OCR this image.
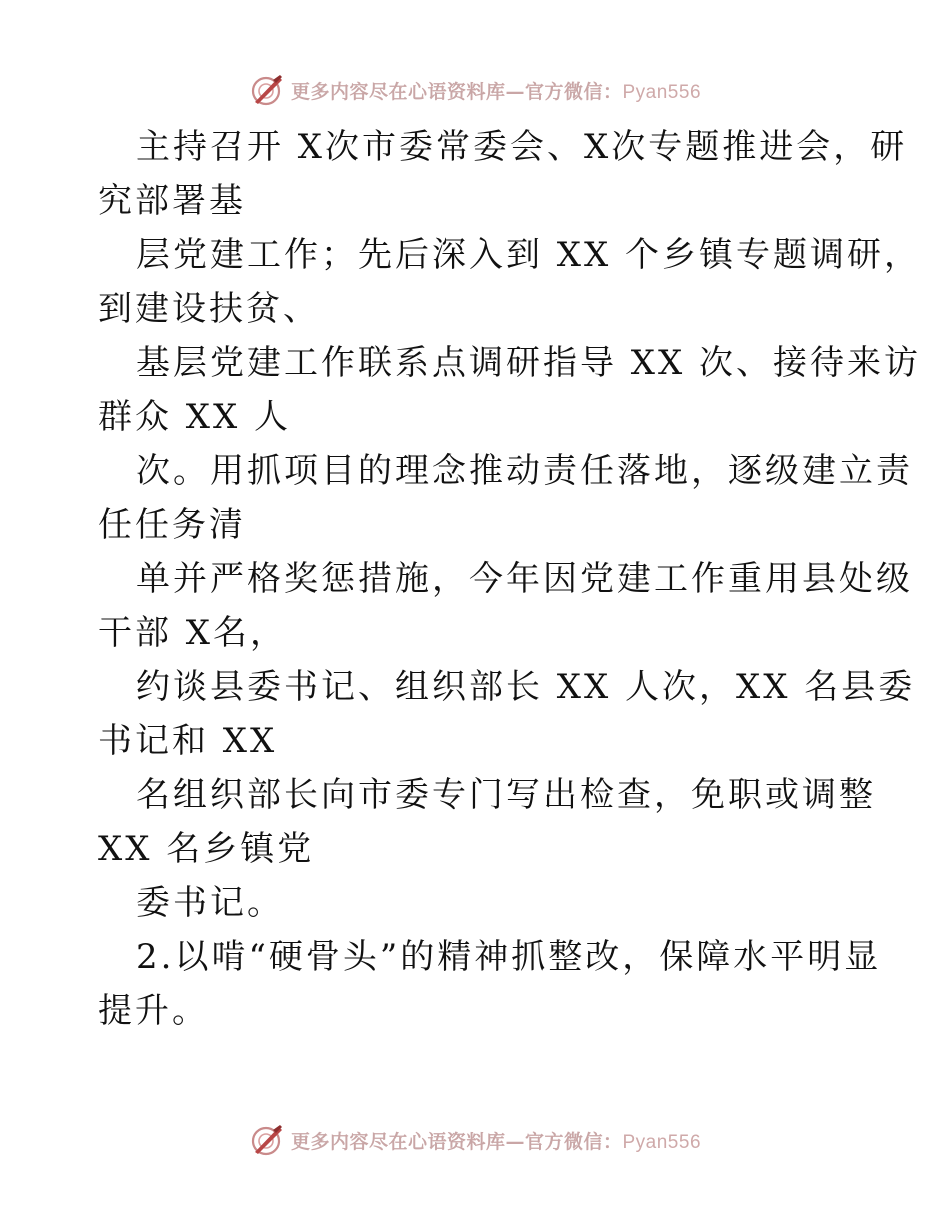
更多内容尽在心语资料库—官方微信：Pyan556
主持召开 X次市委常委会、X次专题推进会，研
究部署基
层党建工作；先后深入到 XX 个乡镇专题调研，
到建设扶贫、
基层党建工作联系点调研指导 XX 次、接待来访
群众 XX 人
次。用抓项目的理念推动责任落地，逐级建立责
任任务清
单并严格奖惩措施，今年因党建工作重用县处级
干部 X名，
约谈县委书记、组织部长 XX 人次，XX 名县委
书记和 XX
名组织部长向市委专门写出检查，免职或调整
XX 名乡镇党
委书记。
2.以啃“硬骨头”的精神抓整改，保障水平明显
提升。
更多内容尽在心语资料库—官方微信：Pyan556
